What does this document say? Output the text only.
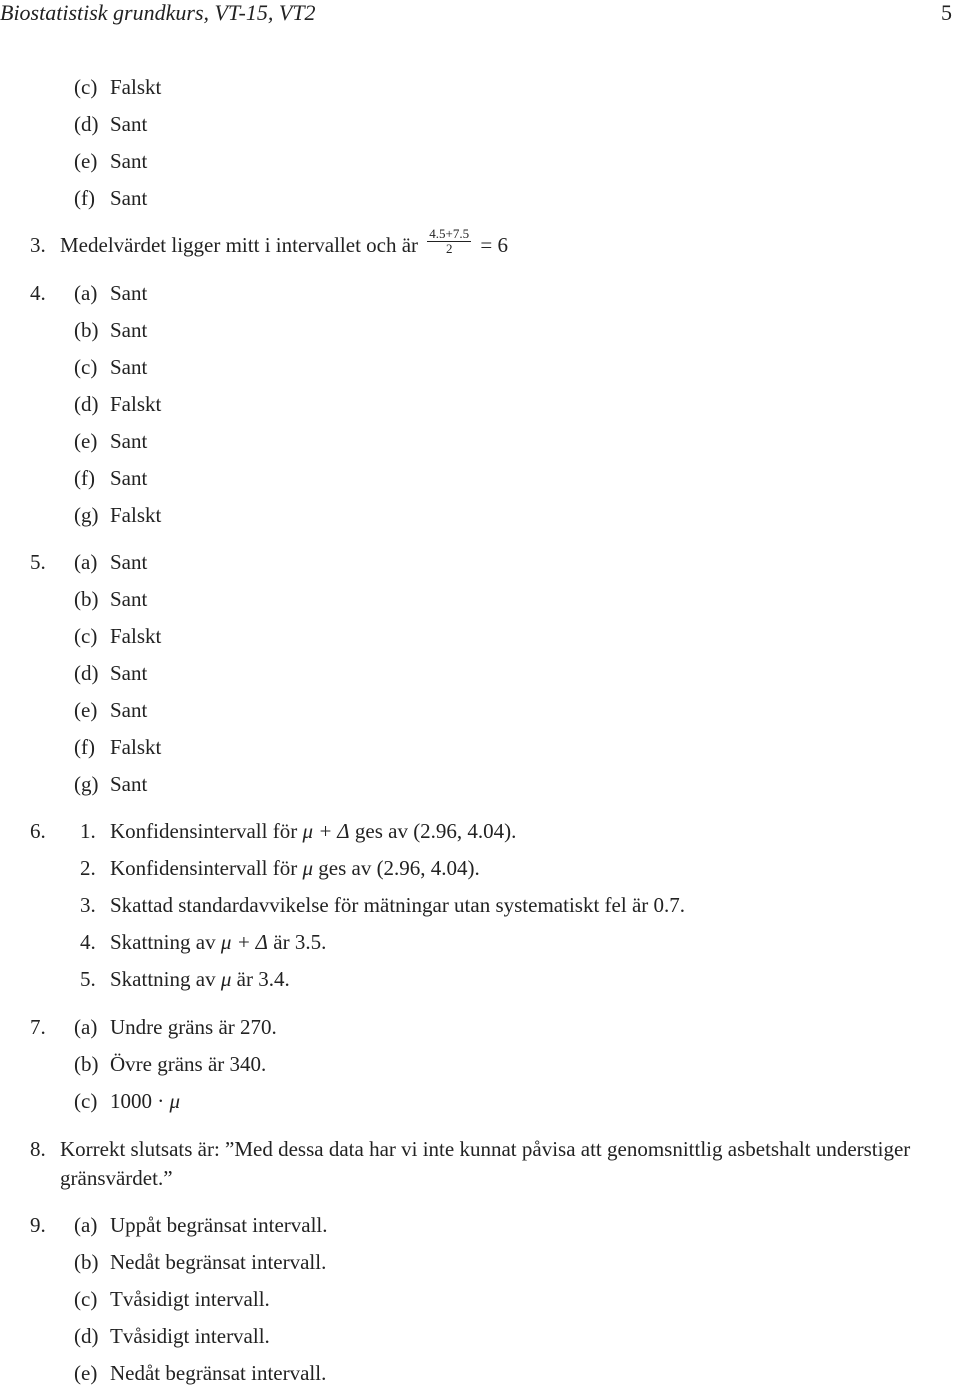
Biostatistisk grundkurs, VT-15, VT2	5
(c) Falskt
(d) Sant
(e) Sant
(f) Sant
3. Medelvärdet ligger mitt i intervallet och är $\frac{4.5+7.5}{2} = 6$
4. (a) Sant
(b) Sant
(c) Sant
(d) Falskt
(e) Sant
(f) Sant
(g) Falskt
5. (a) Sant
(b) Sant
(c) Falskt
(d) Sant
(e) Sant
(f) Falskt
(g) Sant
6. 1. Konfidensintervall för μ + Δ ges av (2.96, 4.04).
2. Konfidensintervall för μ ges av (2.96, 4.04).
3. Skattad standardavvikelse för mätningar utan systematiskt fel är 0.7.
4. Skattning av μ + Δ är 3.5.
5. Skattning av μ är 3.4.
7. (a) Undre gräns är 270.
(b) Övre gräns är 340.
(c) 1000 · μ
8. Korrekt slutsats är: ”Med dessa data har vi inte kunnat påvisa att genomsnittlig asbetshalt understiger gränsvärdet.”
9. (a) Uppåt begränsat intervall.
(b) Nedåt begränsat intervall.
(c) Tvåsidigt intervall.
(d) Tvåsidigt intervall.
(e) Nedåt begränsat intervall.
